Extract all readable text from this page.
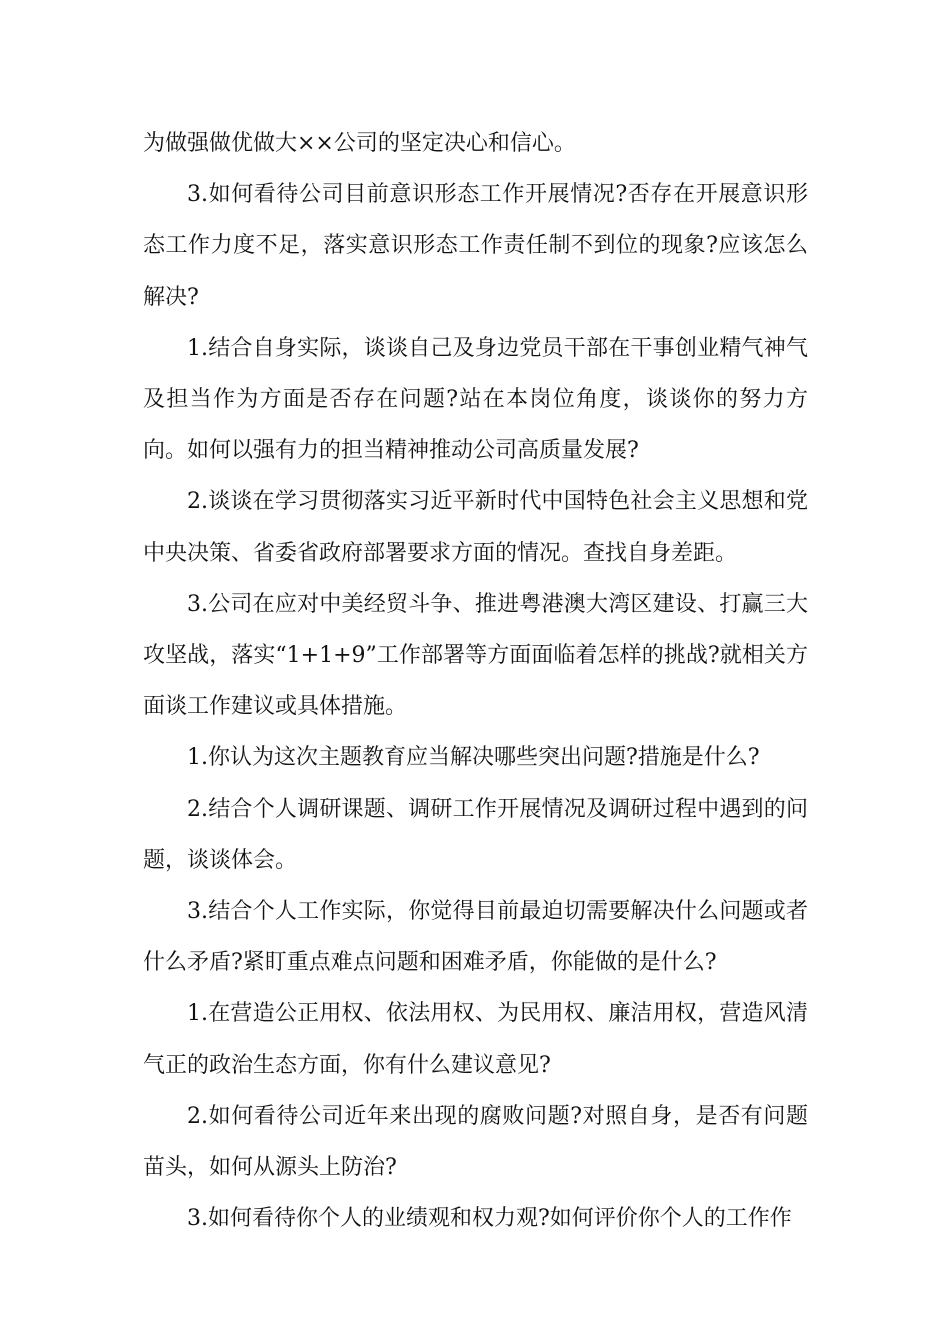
为做强做优做大××公司的坚定决心和信心。

3.如何看待公司目前意识形态工作开展情况?否存在开展意识形态工作力度不足，落实意识形态工作责任制不到位的现象?应该怎么解决?

1.结合自身实际，谈谈自己及身边党员干部在干事创业精气神气及担当作为方面是否存在问题?站在本岗位角度，谈谈你的努力方向。如何以强有力的担当精神推动公司高质量发展?

2.谈谈在学习贯彻落实习近平新时代中国特色社会主义思想和党中央决策、省委省政府部署要求方面的情况。查找自身差距。

3.公司在应对中美经贸斗争、推进粤港澳大湾区建设、打赢三大攻坚战，落实“1+1+9”工作部署等方面面临着怎样的挑战?就相关方面谈工作建议或具体措施。

1.你认为这次主题教育应当解决哪些突出问题?措施是什么?

2.结合个人调研课题、调研工作开展情况及调研过程中遇到的问题，谈谈体会。

3.结合个人工作实际，你觉得目前最迫切需要解决什么问题或者什么矛盾?紧盯重点难点问题和困难矛盾，你能做的是什么?

1.在营造公正用权、依法用权、为民用权、廉洁用权，营造风清气正的政治生态方面，你有什么建议意见?

2.如何看待公司近年来出现的腐败问题?对照自身，是否有问题苗头，如何从源头上防治?

3.如何看待你个人的业绩观和权力观?如何评价你个人的工作作
